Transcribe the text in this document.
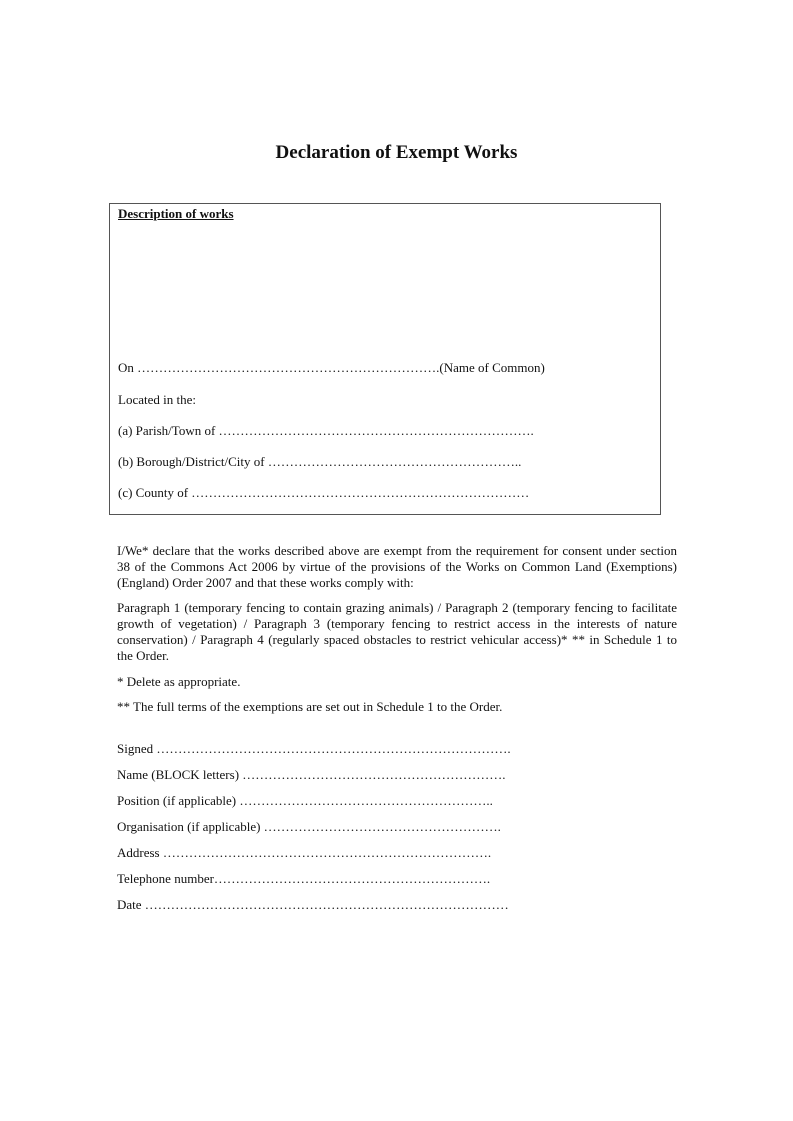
Declaration of Exempt Works
Description of works
On …………………………………………………………….(Name of Common)
Located in the:
(a) Parish/Town of ……………………………………………………………….
(b) Borough/District/City of …………………………………………………..
(c) County of ……………………………………………………………………
I/We* declare that the works described above are exempt from the requirement for consent under section 38 of the Commons Act 2006 by virtue of the provisions of the Works on Common Land (Exemptions) (England) Order 2007 and that these works comply with:
Paragraph 1 (temporary fencing to contain grazing animals) / Paragraph 2 (temporary fencing to facilitate growth of vegetation) / Paragraph 3 (temporary fencing to restrict access in the interests of nature conservation) / Paragraph 4 (regularly spaced obstacles to restrict vehicular access)* ** in Schedule 1 to the Order.
* Delete as appropriate.
** The full terms of the exemptions are set out in Schedule 1 to the Order.
Signed ……………………………………………………………………….
Name (BLOCK letters) …………………………………………………….
Position (if applicable) …………………………………………………..
Organisation (if applicable) ……………………………………………….
Address ………………………………………………………………….
Telephone number……………………………………………………….
Date …………………………………………………………………………
